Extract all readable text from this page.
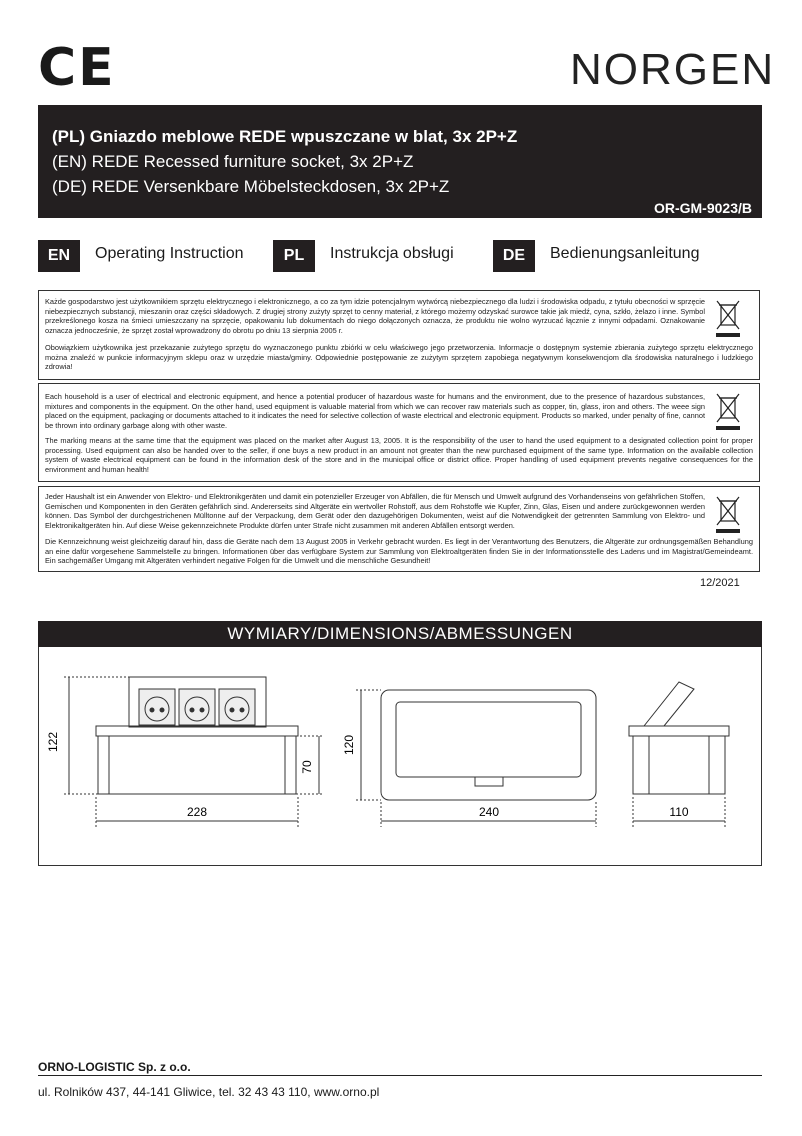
CE	NORGEN
(PL) Gniazdo meblowe REDE wpuszczane w blat, 3x 2P+Z
(EN) REDE Recessed furniture socket, 3x 2P+Z
(DE) REDE Versenkbare Möbelsteckdosen, 3x 2P+Z
OR-GM-9023/B
EN	Operating Instruction	PL	Instrukcja obsługi	DE	Bedienungsanleitung

Każde gospodarstwo jest użytkownikiem sprzętu elektrycznego i elektronicznego, a co za tym idzie potencjalnym wytwórcą niebezpiecznego dla ludzi i środowiska odpadu, z tytułu obecności w sprzęcie niebezpiecznych substancji, mieszanin oraz części składowych. Z drugiej strony zużyty sprzęt to cenny materiał, z którego możemy odzyskać surowce takie jak miedź, cyna, szkło, żelazo i inne. Symbol przekreślonego kosza na śmieci umieszczany na sprzęcie, opakowaniu lub dokumentach do niego dołączonych oznacza, że produktu nie wolno wyrzucać łącznie z innymi odpadami. Oznakowanie oznacza jednocześnie, że sprzęt został wprowadzony do obrotu po dniu 13 sierpnia 2005 r.

Obowiązkiem użytkownika jest przekazanie zużytego sprzętu do wyznaczonego punktu zbiórki w celu właściwego jego przetworzenia. Informacje o dostępnym systemie zbierania zużytego sprzętu elektrycznego można znaleźć w punkcie informacyjnym sklepu oraz w urzędzie miasta/gminy. Odpowiednie postępowanie ze zużytym sprzętem zapobiega negatywnym konsekwencjom dla środowiska naturalnego i ludzkiego zdrowia!

Each household is a user of electrical and electronic equipment, and hence a potential producer of hazardous waste for humans and the environment, due to the presence of hazardous substances, mixtures and components in the equipment. On the other hand, used equipment is valuable material from which we can recover raw materials such as copper, tin, glass, iron and others. The weee sign placed on the equipment, packaging or documents attached to it indicates the need for selective collection of waste electrical and electronic equipment. Products so marked, under penalty of fine, cannot be thrown into ordinary garbage along with other waste.

The marking means at the same time that the equipment was placed on the market after August 13, 2005. It is the responsibility of the user to hand the used equipment to a designated collection point for proper processing. Used equipment can also be handed over to the seller, if one buys a new product in an amount not greater than the new purchased equipment of the same type. Information on the available collection system of waste electrical equipment can be found in the information desk of the store and in the municipal office or district office. Proper handling of used equipment prevents negative consequences for the environment and human health!

Jeder Haushalt ist ein Anwender von Elektro- und Elektronikgeräten und damit ein potenzieller Erzeuger von Abfällen, die für Mensch und Umwelt aufgrund des Vorhandenseins von gefährlichen Stoffen, Gemischen und Komponenten in den Geräten gefährlich sind. Andererseits sind Altgeräte ein wertvoller Rohstoff, aus dem Rohstoffe wie Kupfer, Zinn, Glas, Eisen und andere zurückgewonnen werden können. Das Symbol der durchgestrichenen Mülltonne auf der Verpackung, dem Gerät oder den dazugehörigen Dokumenten, weist auf die Notwendigkeit der getrennten Sammlung von Elektro- und Elektronikaltgeräten hin. Auf diese Weise gekennzeichnete Produkte dürfen unter Strafe nicht zusammen mit anderen Abfällen entsorgt werden.

Die Kennzeichnung weist gleichzeitig darauf hin, dass die Geräte nach dem 13 August 2005 in Verkehr gebracht wurden. Es liegt in der Verantwortung des Benutzers, die Altgeräte zur ordnungsgemäßen Behandlung an eine dafür vorgesehene Sammelstelle zu bringen. Informationen über das verfügbare System zur Sammlung von Elektroaltgeräten finden Sie in der Informationsstelle des Ladens und im Magistrat/Gemeindeamt. Ein sachgemäßer Umgang mit Altgeräten verhindert negative Folgen für die Umwelt und die menschliche Gesundheit!

12/2021
WYMIARY/DIMENSIONS/ABMESSUNGEN
122
70
228
120
240	110
ORNO-LOGISTIC Sp. z o.o.
ul. Rolników 437, 44-141 Gliwice, tel. 32 43 43 110, www.orno.pl
